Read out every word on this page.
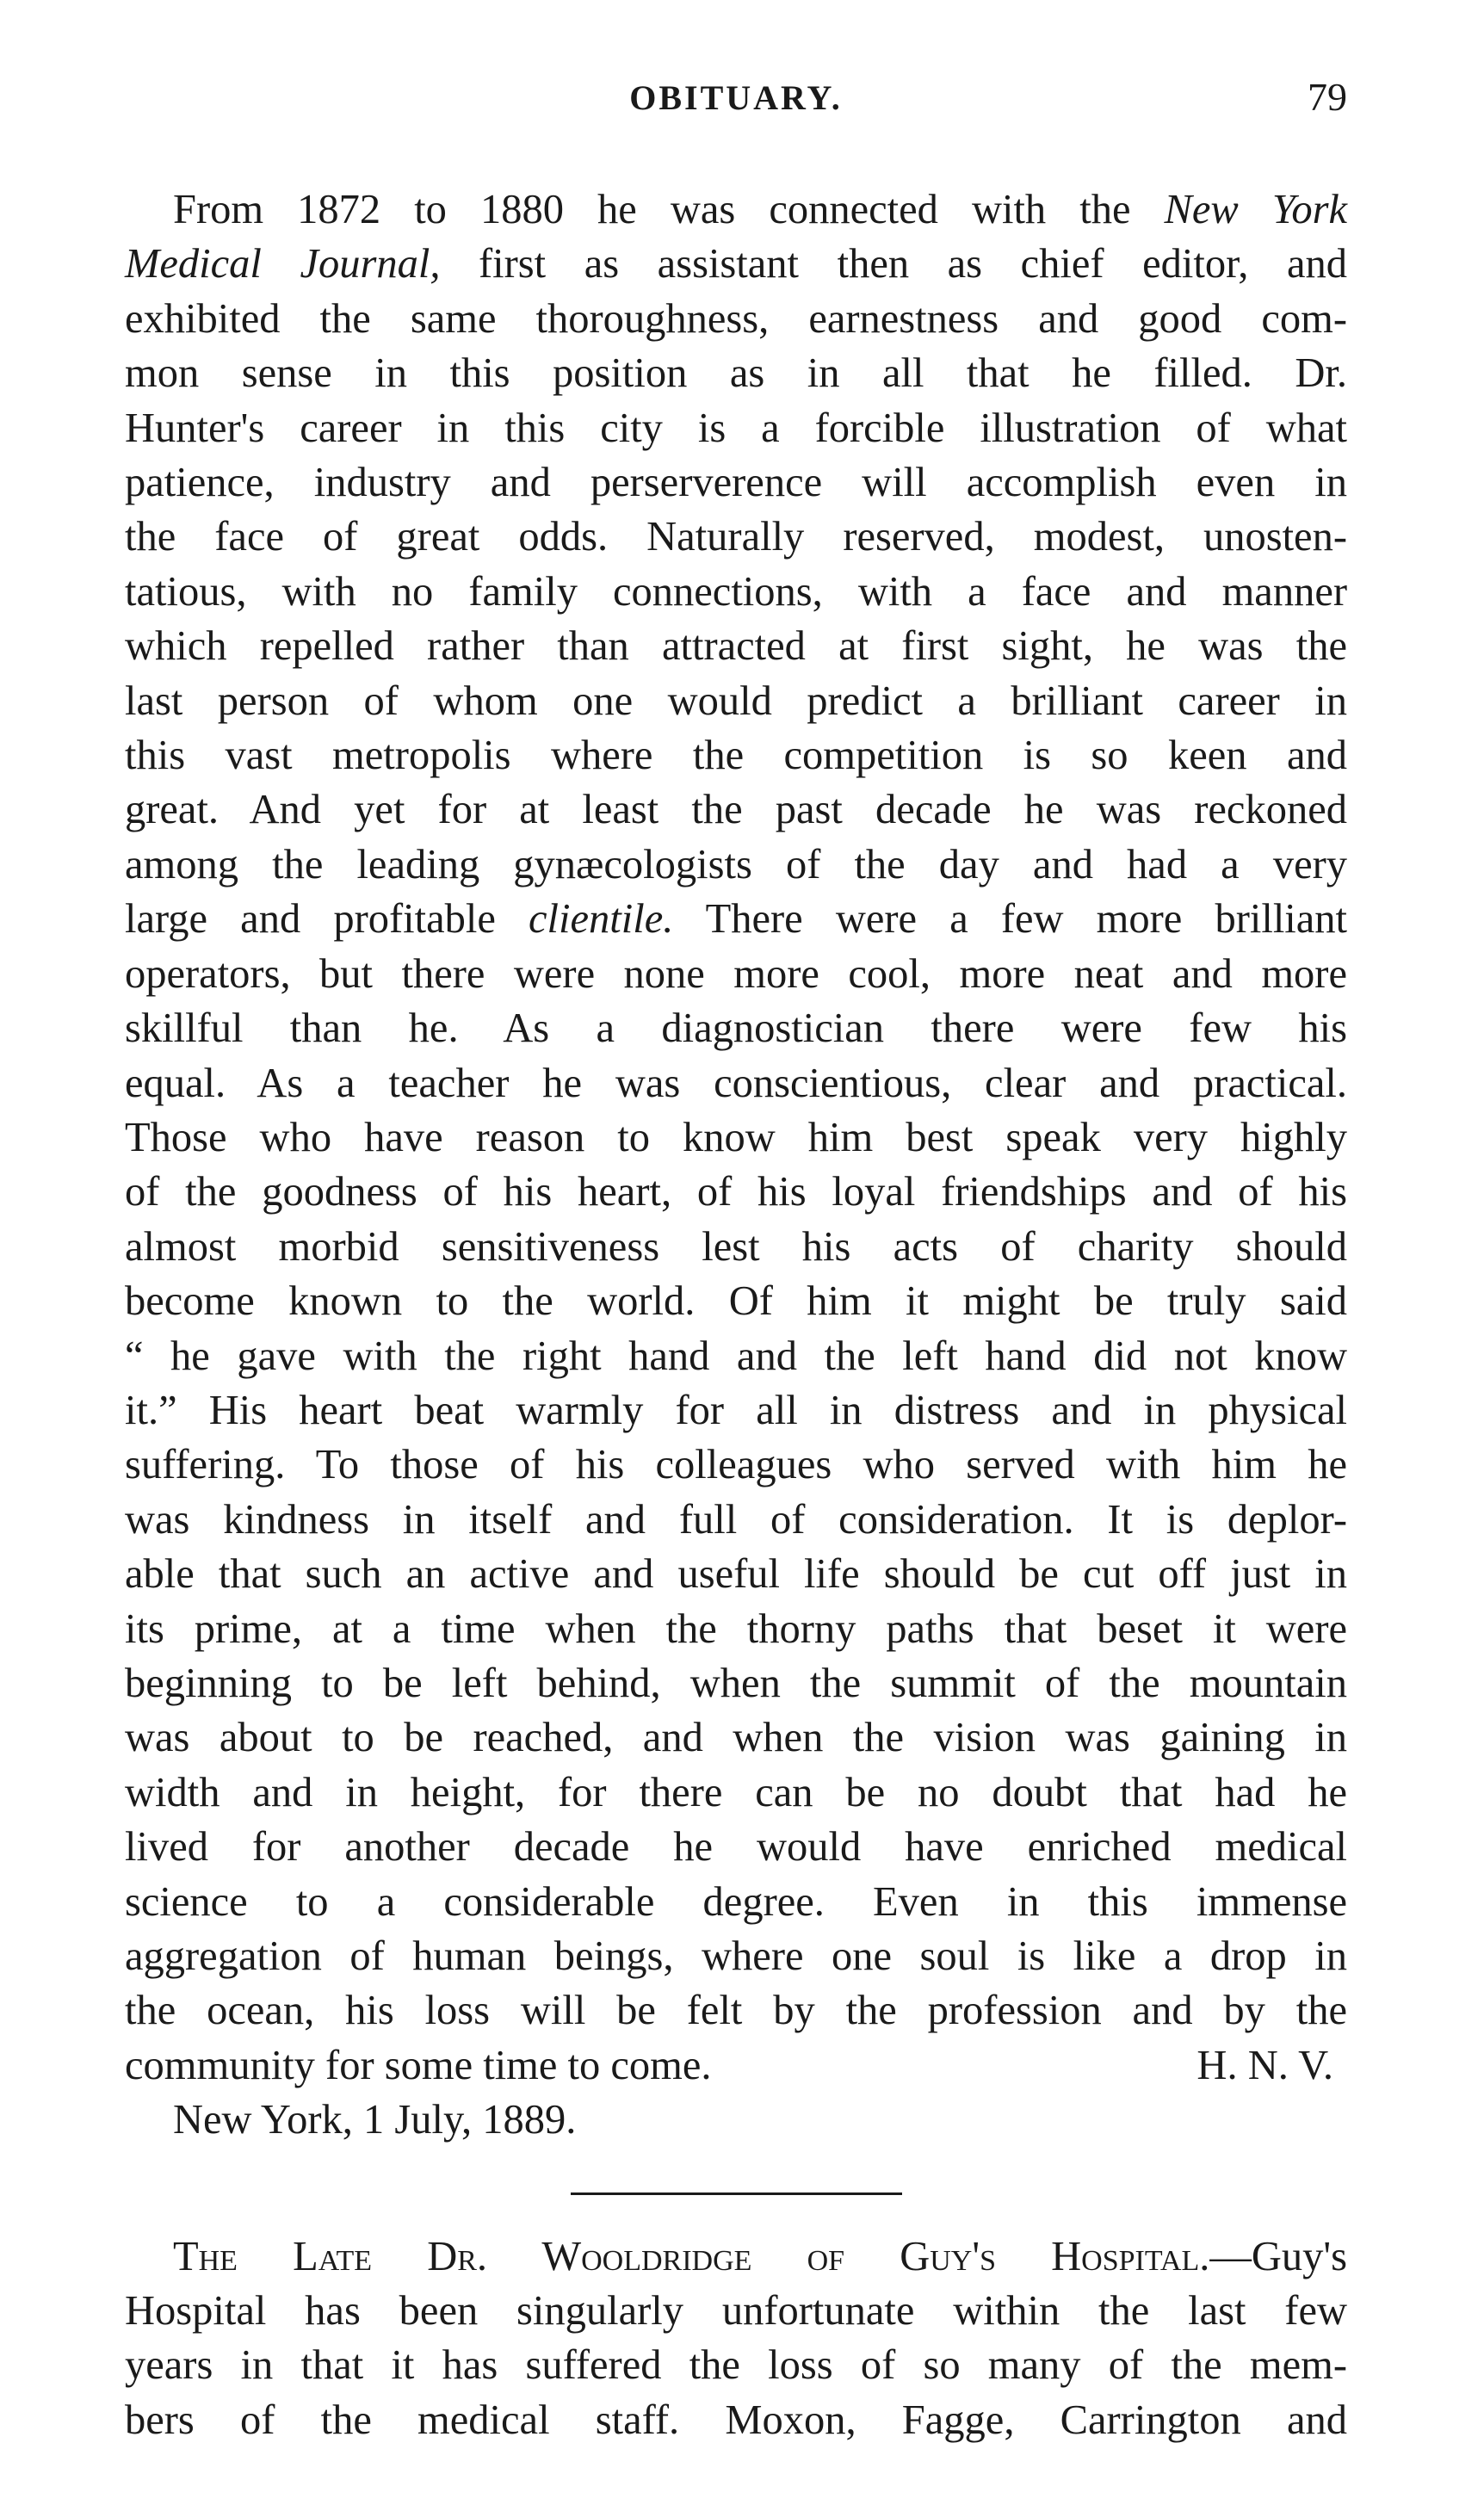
OBITUARY.	79
From 1872 to 1880 he was connected with the New York
Medical Journal, first as assistant then as chief editor, and
exhibited the same thoroughness, earnestness and good com-
mon sense in this position as in all that he filled. Dr.
Hunter's career in this city is a forcible illustration of what
patience, industry and perserverence will accomplish even in
the face of great odds. Naturally reserved, modest, unosten-
tatious, with no family connections, with a face and manner
which repelled rather than attracted at first sight, he was the
last person of whom one would predict a brilliant career in
this vast metropolis where the competition is so keen and
great. And yet for at least the past decade he was reckoned
among the leading gynæcologists of the day and had a very
large and profitable clientile. There were a few more brilliant
operators, but there were none more cool, more neat and more
skillful than he. As a diagnostician there were few his
equal. As a teacher he was conscientious, clear and practical.
Those who have reason to know him best speak very highly
of the goodness of his heart, of his loyal friendships and of his
almost morbid sensitiveness lest his acts of charity should
become known to the world. Of him it might be truly said
“ he gave with the right hand and the left hand did not know
it.” His heart beat warmly for all in distress and in physical
suffering. To those of his colleagues who served with him he
was kindness in itself and full of consideration. It is deplor-
able that such an active and useful life should be cut off just in
its prime, at a time when the thorny paths that beset it were
beginning to be left behind, when the summit of the mountain
was about to be reached, and when the vision was gaining in
width and in height, for there can be no doubt that had he
lived for another decade he would have enriched medical
science to a considerable degree. Even in this immense
aggregation of human beings, where one soul is like a drop in
the ocean, his loss will be felt by the profession and by the
community for some time to come.	H. N. V.
New York, 1 July, 1889.
The Late Dr. Wooldridge of Guy's Hospital.—Guy's
Hospital has been singularly unfortunate within the last few
years in that it has suffered the loss of so many of the mem-
bers of the medical staff. Moxon, Fagge, Carrington and
